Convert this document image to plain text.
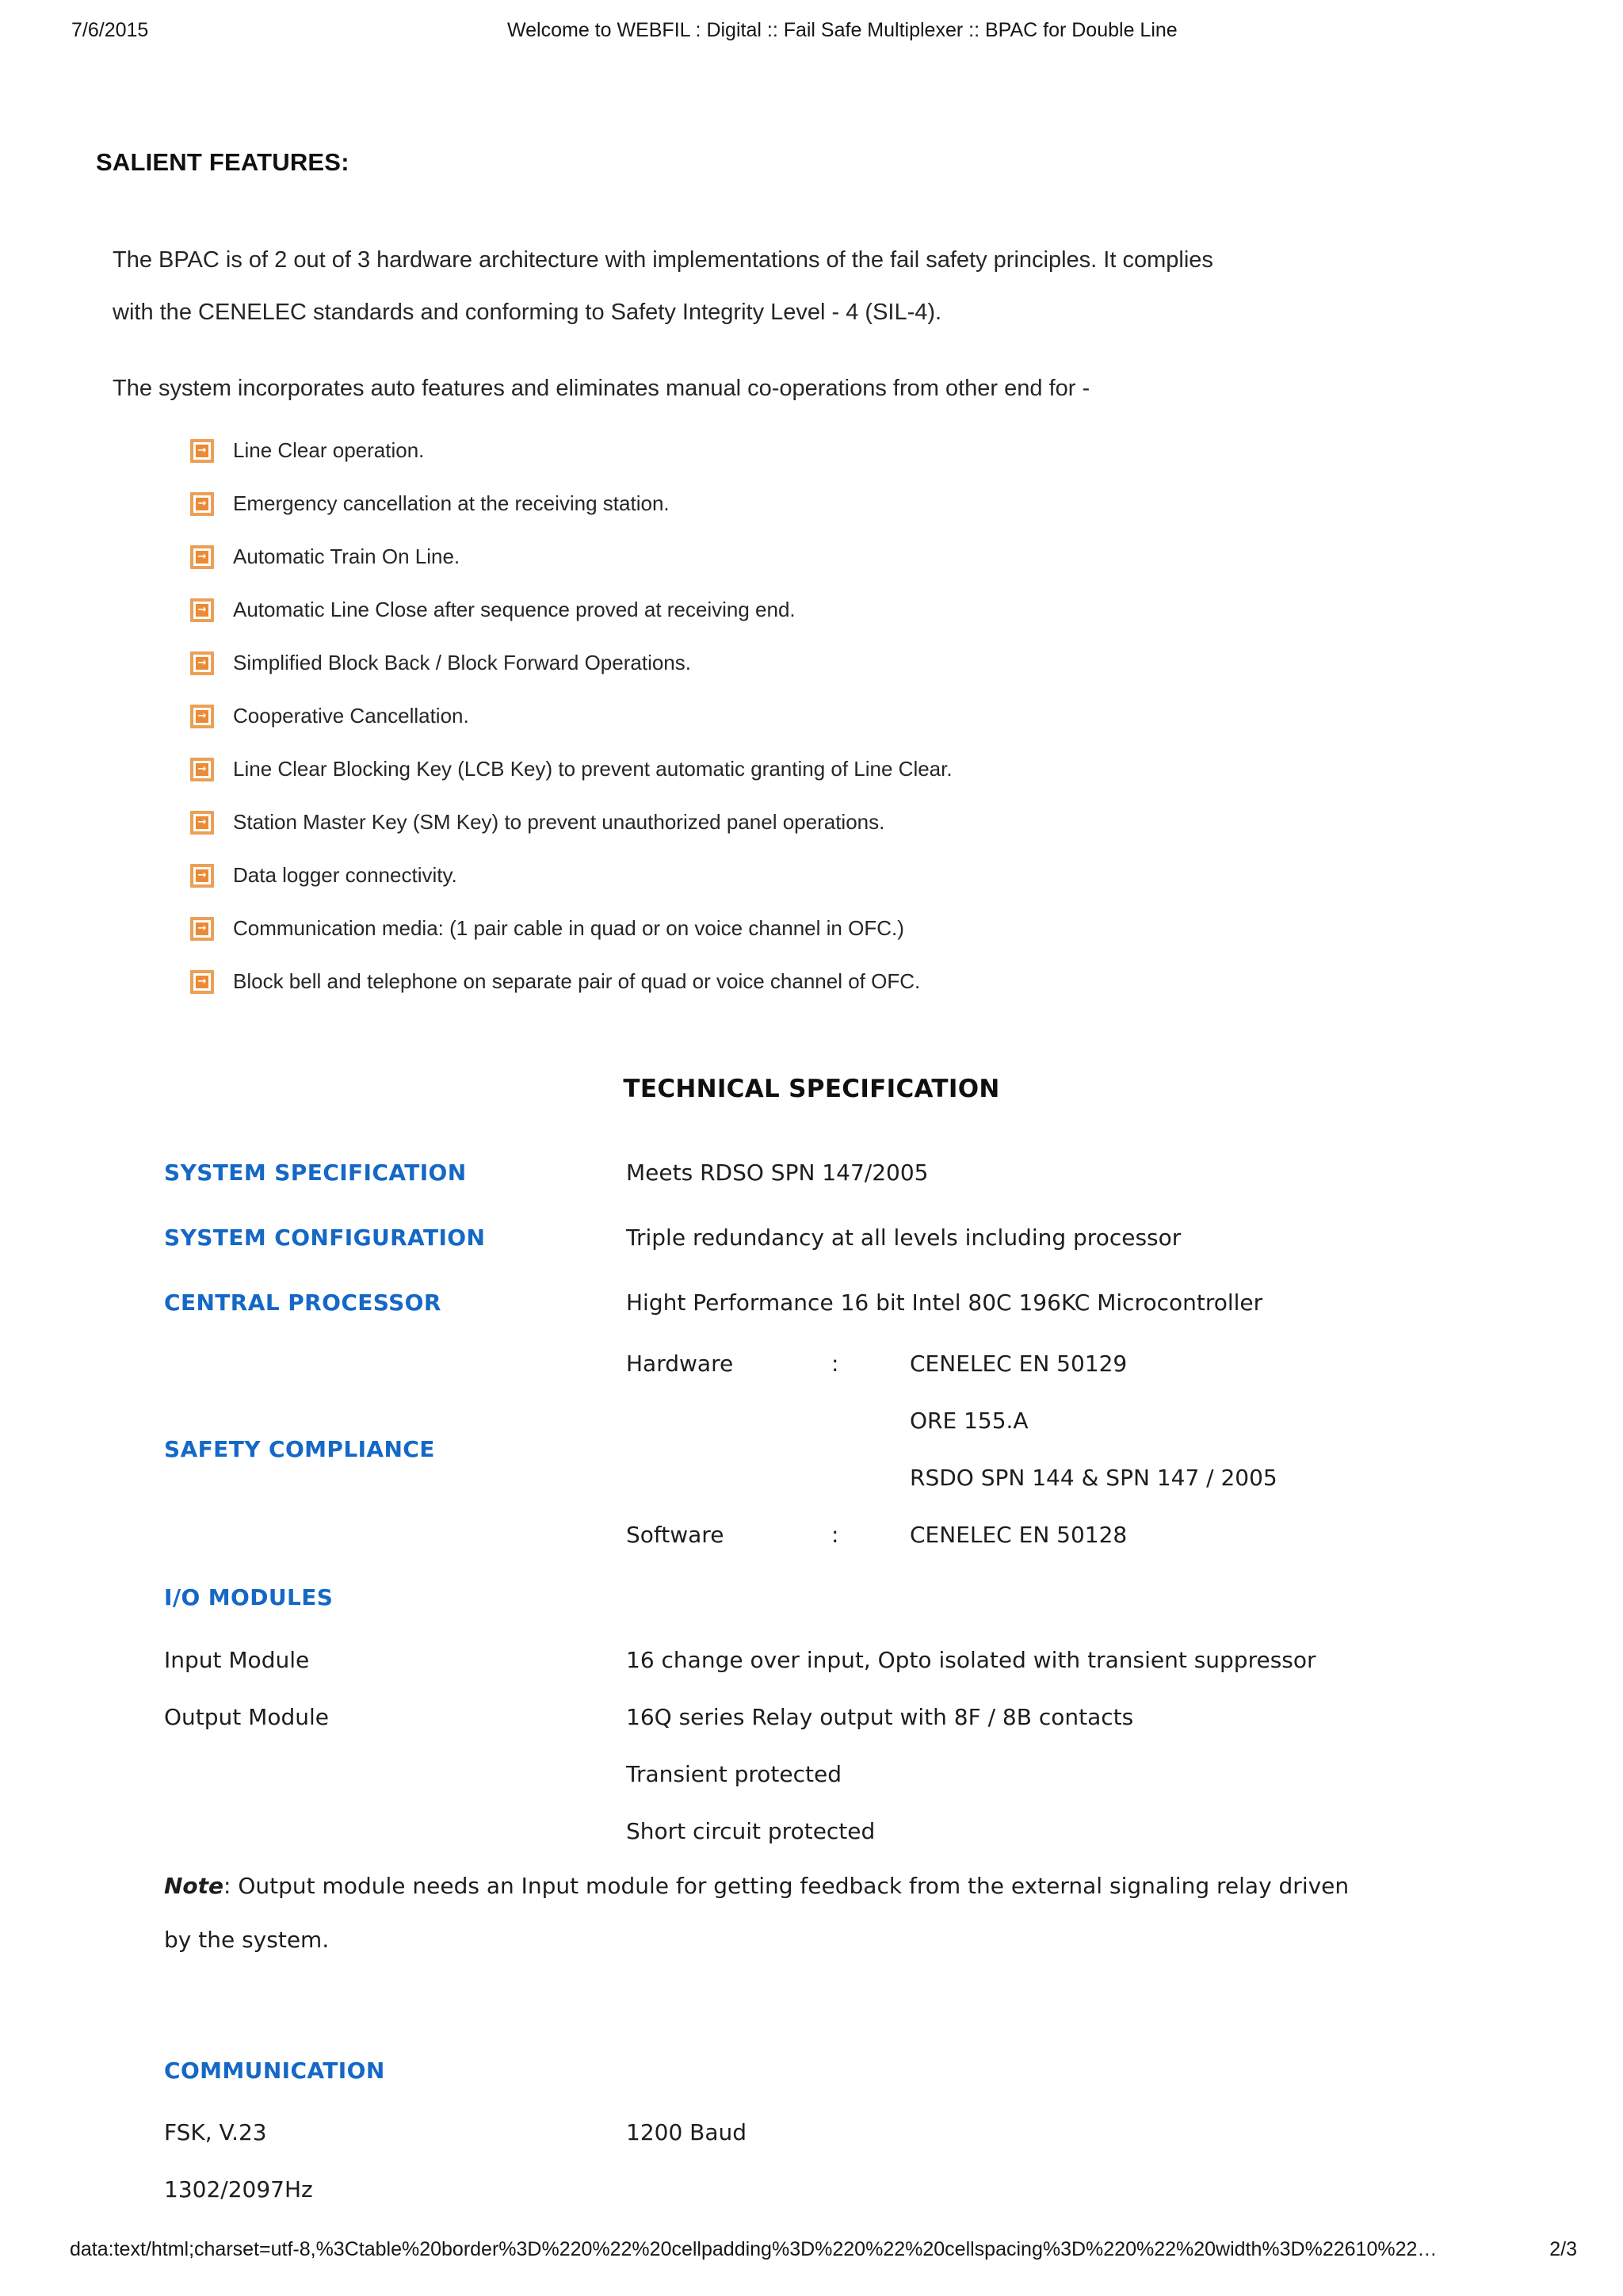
7/6/2015	Welcome to WEBFIL : Digital :: Fail Safe Multiplexer :: BPAC for Double Line
SALIENT FEATURES:

The BPAC is of 2 out of 3 hardware architecture with implementations of the fail safety principles. It complies
with the CENELEC standards and conforming to Safety Integrity Level - 4 (SIL-4).

The system incorporates auto features and eliminates manual co-operations from other end for -

→
Line Clear operation.
→
Emergency cancellation at the receiving station.
→
Automatic Train On Line.
→
Automatic Line Close after sequence proved at receiving end.
→
Simplified Block Back / Block Forward Operations.
→
Cooperative Cancellation.
→
Line Clear Blocking Key (LCB Key) to prevent automatic granting of Line Clear.
→
Station Master Key (SM Key) to prevent unauthorized panel operations.
→
Data logger connectivity.
→
Communication media: (1 pair cable in quad or on voice channel in OFC.)
→
Block bell and telephone on separate pair of quad or voice channel of OFC.
TECHNICAL SPECIFICATION
SYSTEM SPECIFICATION	Meets RDSO SPN 147/2005
SYSTEM CONFIGURATION	Triple redundancy at all levels including processor
CENTRAL PROCESSOR	Hight Performance 16 bit Intel 80C 196KC Microcontroller
SAFETY COMPLIANCE
Hardware	:	CENELEC EN 50129
ORE 155.A
RSDO SPN 144 & SPN 147 / 2005
Software	:	CENELEC EN 50128
I/O MODULES
Input Module	16 change over input, Opto isolated with transient suppressor
Output Module	16Q series Relay output with 8F / 8B contacts
Transient protected
Short circuit protected

Note: Output module needs an Input module for getting feedback from the external signaling relay driven
by the system.

COMMUNICATION
FSK, V.23	1200 Baud
1302/2097Hz
data:text/html;charset=utf-8,%3Ctable%20border%3D%220%22%20cellpadding%3D%220%22%20cellspacing%3D%220%22%20width%3D%22610%22…	2/3
